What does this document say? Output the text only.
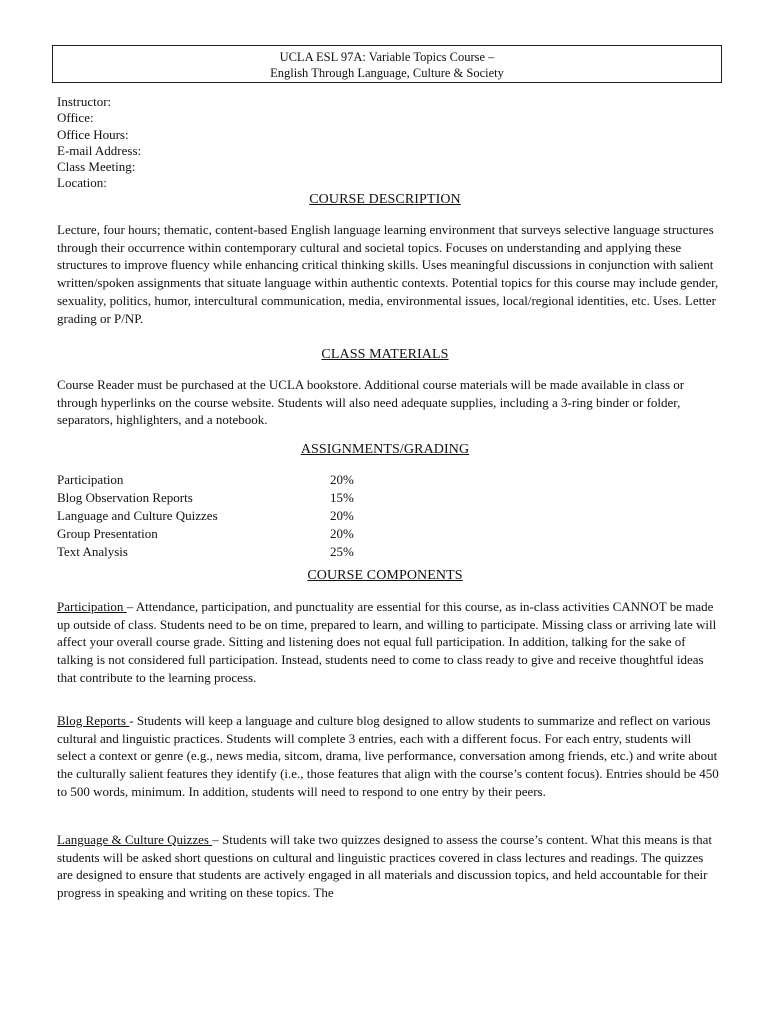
UCLA ESL 97A: Variable Topics Course –
English Through Language, Culture & Society
Instructor:
Office:
Office Hours:
E-mail Address:
Class Meeting:
Location:
COURSE DESCRIPTION
Lecture, four hours; thematic, content-based English language learning environment that surveys selective language structures through their occurrence within contemporary cultural and societal topics. Focuses on understanding and applying these structures to improve fluency while enhancing critical thinking skills. Uses meaningful discussions in conjunction with salient written/spoken assignments that situate language within authentic contexts. Potential topics for this course may include gender, sexuality, politics, humor, intercultural communication, media, environmental issues, local/regional identities, etc. Uses. Letter grading or P/NP.
CLASS MATERIALS
Course Reader must be purchased at the UCLA bookstore. Additional course materials will be made available in class or through hyperlinks on the course website. Students will also need adequate supplies, including a 3-ring binder or folder, separators, highlighters, and a notebook.
ASSIGNMENTS/GRADING
Participation	20%
Blog Observation Reports	15%
Language and Culture Quizzes	20%
Group Presentation	20%
Text Analysis	25%
COURSE COMPONENTS
Participation – Attendance, participation, and punctuality are essential for this course, as in-class activities CANNOT be made up outside of class. Students need to be on time, prepared to learn, and willing to participate. Missing class or arriving late will affect your overall course grade. Sitting and listening does not equal full participation. In addition, talking for the sake of talking is not considered full participation. Instead, students need to come to class ready to give and receive thoughtful ideas that contribute to the learning process.
Blog Reports - Students will keep a language and culture blog designed to allow students to summarize and reflect on various cultural and linguistic practices. Students will complete 3 entries, each with a different focus. For each entry, students will select a context or genre (e.g., news media, sitcom, drama, live performance, conversation among friends, etc.) and write about the culturally salient features they identify (i.e., those features that align with the course’s content focus). Entries should be 450 to 500 words, minimum. In addition, students will need to respond to one entry by their peers.
Language & Culture Quizzes – Students will take two quizzes designed to assess the course’s content. What this means is that students will be asked short questions on cultural and linguistic practices covered in class lectures and readings. The quizzes are designed to ensure that students are actively engaged in all materials and discussion topics, and held accountable for their progress in speaking and writing on these topics. The
